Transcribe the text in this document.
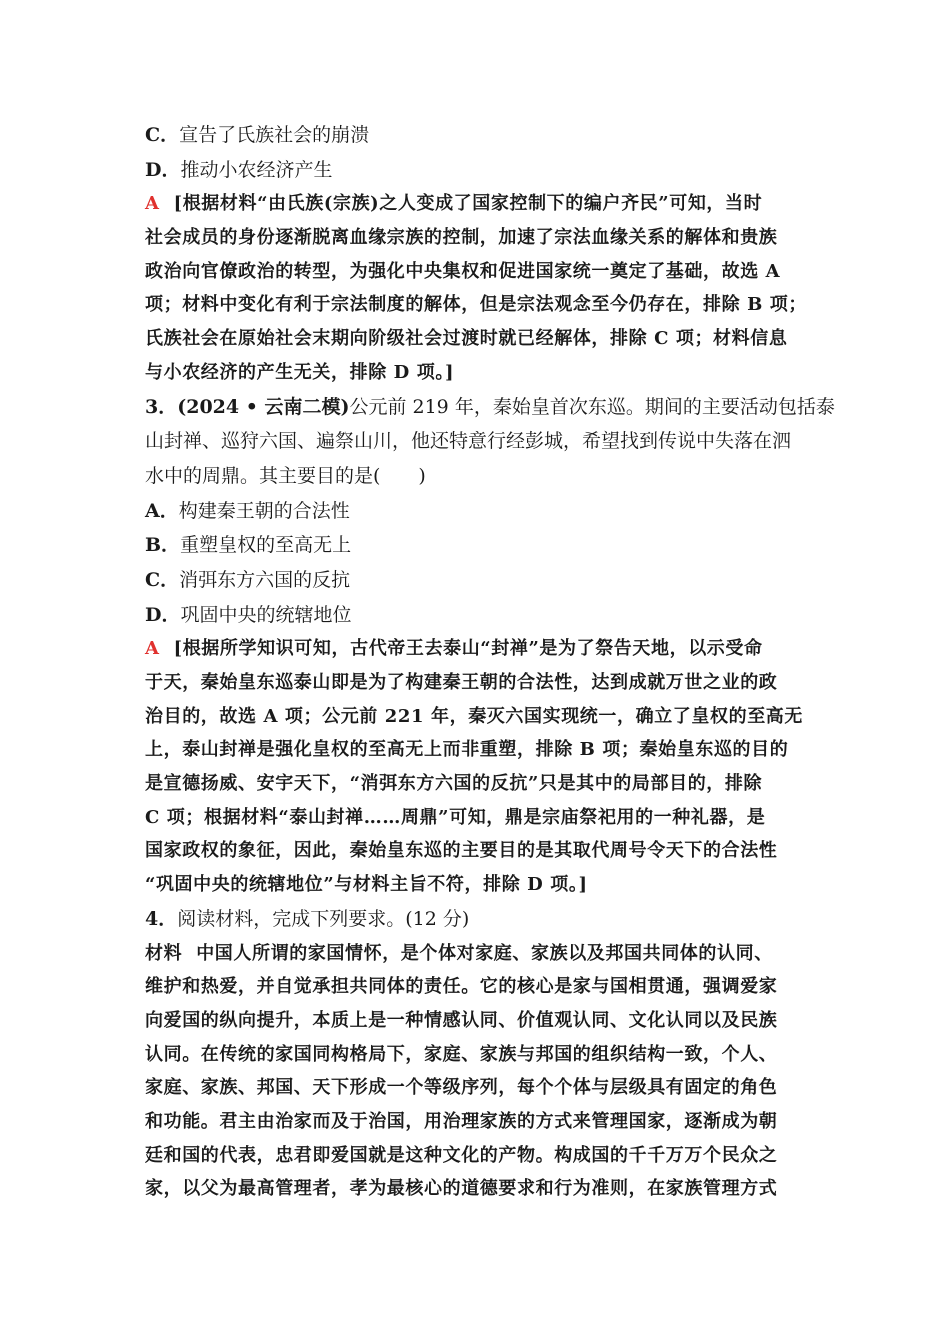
C．宣告了氏族社会的崩溃
D．推动小农经济产生
A [根据材料“由氏族(宗族)之人变成了国家控制下的编户齐民”可知，当时
社会成员的身份逐渐脱离血缘宗族的控制，加速了宗法血缘关系的解体和贵族
政治向官僚政治的转型，为强化中央集权和促进国家统一奠定了基础，故选 A
项；材料中变化有利于宗法制度的解体，但是宗法观念至今仍存在，排除 B 项；
氏族社会在原始社会末期向阶级社会过渡时就已经解体，排除 C 项；材料信息
与小农经济的产生无关，排除 D 项。]
3．(2024 • 云南二模)公元前 219 年，秦始皇首次东巡。期间的主要活动包括泰
山封禅、巡狩六国、遍祭山川，他还特意行经彭城，希望找到传说中失落在泗
水中的周鼎。其主要目的是(　　)
A．构建秦王朝的合法性
B．重塑皇权的至高无上
C．消弭东方六国的反抗
D．巩固中央的统辖地位
A [根据所学知识可知，古代帝王去泰山“封禅”是为了祭告天地，以示受命
于天，秦始皇东巡泰山即是为了构建秦王朝的合法性，达到成就万世之业的政
治目的，故选 A 项；公元前 221 年，秦灭六国实现统一，确立了皇权的至高无
上，泰山封禅是强化皇权的至高无上而非重塑，排除 B 项；秦始皇东巡的目的
是宣德扬威、安宇天下，“消弭东方六国的反抗”只是其中的局部目的，排除
C 项；根据材料“泰山封禅……周鼎”可知，鼎是宗庙祭祀用的一种礼器，是
国家政权的象征，因此，秦始皇东巡的主要目的是其取代周号令天下的合法性
“巩固中央的统辖地位”与材料主旨不符，排除 D 项。]
4．阅读材料，完成下列要求。(12 分)
材料 中国人所谓的家国情怀，是个体对家庭、家族以及邦国共同体的认同、
维护和热爱，并自觉承担共同体的责任。它的核心是家与国相贯通，强调爱家
向爱国的纵向提升，本质上是一种情感认同、价值观认同、文化认同以及民族
认同。在传统的家国同构格局下，家庭、家族与邦国的组织结构一致，个人、
家庭、家族、邦国、天下形成一个等级序列，每个个体与层级具有固定的角色
和功能。君主由治家而及于治国，用治理家族的方式来管理国家，逐渐成为朝
廷和国的代表，忠君即爱国就是这种文化的产物。构成国的千千万万个民众之
家，以父为最高管理者，孝为最核心的道德要求和行为准则，在家族管理方式
